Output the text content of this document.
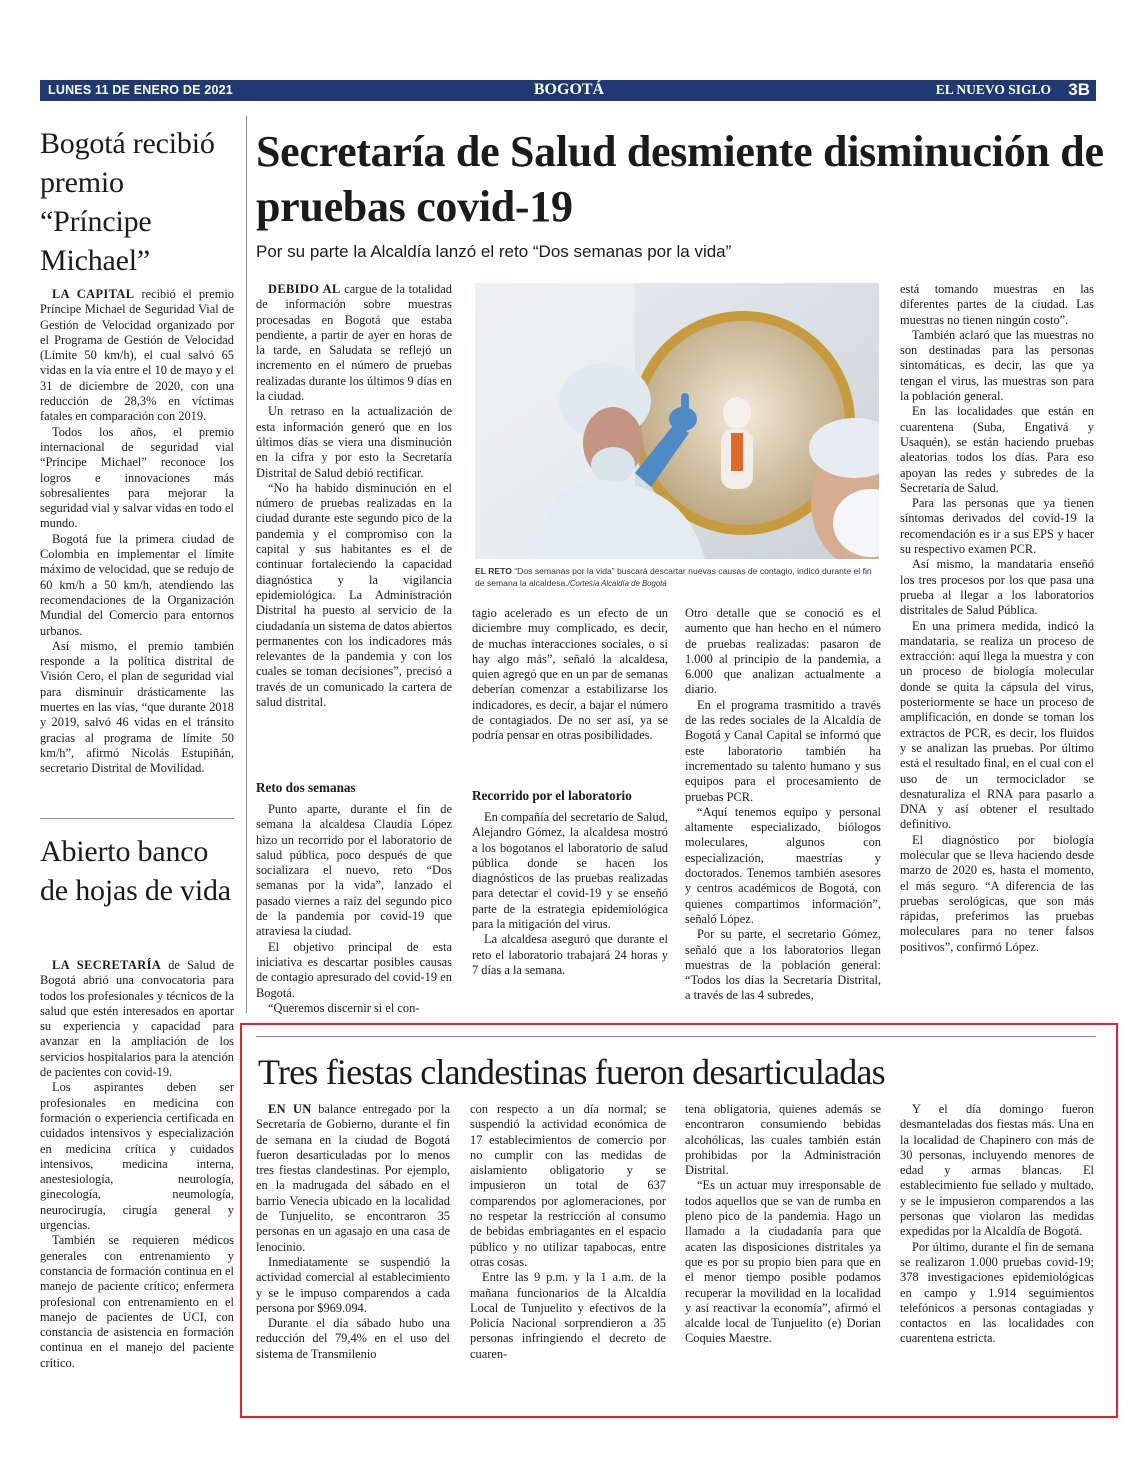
LUNES 11 DE ENERO DE 2021	BOGOTÁ	EL NUEVO SIGLO 3B
Bogotá recibió premio “Príncipe Michael”

LA CAPITAL recibió el premio Príncipe Michael de Seguridad Vial de Gestión de Velocidad organizado por el Programa de Gestión de Velocidad (Límite 50 km/h), el cual salvó 65 vidas en la vía entre el 10 de mayo y el 31 de diciembre de 2020, con una reducción de 28,3% en víctimas fatales en comparación con 2019.

Todos los años, el premio internacional de seguridad vial “Príncipe Michael” reconoce los logros e innovaciones más sobresalientes para mejorar la seguridad vial y salvar vidas en todo el mundo.

Bogotá fue la primera ciudad de Colombia en implementar el límite máximo de velocidad, que se redujo de 60 km/h a 50 km/h, atendiendo las recomendaciones de la Organización Mundial del Comercio para entornos urbanos.

Así mismo, el premio también responde a la política distrital de Visión Cero, el plan de seguridad vial para disminuir drásticamente las muertes en las vías, “que durante 2018 y 2019, salvó 46 vidas en el tránsito gracias al programa de límite 50 km/h”, afirmó Nicolás Estupiñán, secretario Distrital de Movilidad.

Abierto banco de hojas de vida

LA SECRETARÍA de Salud de Bogotá abrió una convocatoria para todos los profesionales y técnicos de la salud que estén interesados en aportar su experiencia y capacidad para avanzar en la ampliación de los servicios hospitalarios para la atención de pacientes con covid-19.

Los aspirantes deben ser profesionales en medicina con formación o experiencia certificada en cuidados intensivos y especialización en medicina crítica y cuidados intensivos, medicina interna, anestesiología, neurología, ginecología, neumología, neurocirugía, cirugía general y urgencias.

También se requieren médicos generales con entrenamiento y constancia de formación continua en el manejo de paciente crítico; enfermera profesional con entrenamiento en el manejo de pacientes de UCI, con constancia de asistencia en formación continua en el manejo del paciente crítico.

Secretaría de Salud desmiente disminución de pruebas covid-19
Por su parte la Alcaldía lanzó el reto “Dos semanas por la vida”

DEBIDO AL cargue de la totalidad de información sobre muestras procesadas en Bogotá que estaba pendiente, a partir de ayer en horas de la tarde, en Saludata se reflejó un incremento en el número de pruebas realizadas durante los últimos 9 días en la ciudad.

Un retraso en la actualización de esta información generó que en los últimos días se viera una disminución en la cifra y por esto la Secretaría Distrital de Salud debió rectificar.

“No ha habido disminución en el número de pruebas realizadas en la ciudad durante este segundo pico de la pandemia y el compromiso con la capital y sus habitantes es el de continuar fortaleciendo la capacidad diagnóstica y la vigilancia epidemiológica. La Administración Distrital ha puesto al servicio de la ciudadanía un sistema de datos abiertos permanentes con los indicadores más relevantes de la pandemia y con los cuales se toman decisiones”, precisó a través de un comunicado la cartera de salud distrital.

Reto dos semanas

Punto aparte, durante el fin de semana la alcaldesa Claudia López hizo un recorrido por el laboratorio de salud pública, poco después de que socializara el nuevo, reto “Dos semanas por la vida”, lanzado el pasado viernes a raíz del segundo pico de la pandemia por covid-19 que atraviesa la ciudad.

El objetivo principal de esta iniciativa es descartar posibles causas de contagio apresurado del covid-19 en Bogotá.

“Queremos discernir si el con-

EL RETO “Dos semanas por la vida” buscará descartar nuevas causas de contagio, indicó durante el fin de semana la alcaldesa./Cortesía Alcaldía de Bogotá

tagio acelerado es un efecto de un diciembre muy complicado, es decir, de muchas interacciones sociales, o si hay algo más”, señaló la alcaldesa, quien agregó que en un par de semanas deberían comenzar a estabilizarse los indicadores, es decir, a bajar el número de contagiados. De no ser así, ya se podría pensar en otras posibilidades.

Recorrido por el laboratorio

En compañía del secretario de Salud, Alejandro Gómez, la alcaldesa mostró a los bogotanos el laboratorio de salud pública donde se hacen los diagnósticos de las pruebas realizadas para detectar el covid-19 y se enseñó parte de la estrategia epidemiológica para la mitigación del virus.

La alcaldesa aseguró que durante el reto el laboratorio trabajará 24 horas y 7 días a la semana.

Otro detalle que se conoció es el aumento que han hecho en el número de pruebas realizadas: pasaron de 1.000 al principio de la pandemia, a 6.000 que analizan actualmente a diario.

En el programa trasmitido a través de las redes sociales de la Alcaldía de Bogotá y Canal Capital se informó que este laboratorio también ha incrementado su talento humano y sus equipos para el procesamiento de pruebas PCR.

“Aquí tenemos equipo y personal altamente especializado, biólogos moleculares, algunos con especialización, maestrías y doctorados. Tenemos también asesores y centros académicos de Bogotá, con quienes compartimos información”, señaló López.

Por su parte, el secretario Gómez, señaló que a los laboratorios llegan muestras de la población general: “Todos los días la Secretaría Distrital, a través de las 4 subredes,

está tomando muestras en las diferentes partes de la ciudad. Las muestras no tienen ningún costo”.

También aclaró que las muestras no son destinadas para las personas sintomáticas, es decir, las que ya tengan el virus, las muestras son para la población general.

En las localidades que están en cuarentena (Suba, Engativá y Usaquén), se están haciendo pruebas aleatorias todos los días. Para eso apoyan las redes y subredes de la Secretaría de Salud.

Para las personas que ya tienen síntomas derivados del covid-19 la recomendación es ir a sus EPS y hacer su respectivo examen PCR.

Así mismo, la mandataria enseñó los tres procesos por los que pasa una prueba al llegar a los laboratorios distritales de Salud Pública.

En una primera medida, indicó la mandataria, se realiza un proceso de extracción: aquí llega la muestra y con un proceso de biología molecular donde se quita la cápsula del virus, posteriormente se hace un proceso de amplificación, en donde se toman los extractos de PCR, es decir, los fluidos y se analizan las pruebas. Por último está el resultado final, en el cual con el uso de un termociclador se desnaturaliza el RNA para pasarlo a DNA y así obtener el resultado definitivo.

El diagnóstico por biología molecular que se lleva haciendo desde marzo de 2020 es, hasta el momento, el más seguro. “A diferencia de las pruebas serológicas, que son más rápidas, preferimos las pruebas moleculares para no tener falsos positivos”, confirmó López.

Tres fiestas clandestinas fueron desarticuladas

EN UN balance entregado por la Secretaría de Gobierno, durante el fin de semana en la ciudad de Bogotá fueron desarticuladas por lo menos tres fiestas clandestinas. Por ejemplo, en la madrugada del sábado en el barrio Venecia ubicado en la localidad de Tunjuelito, se encontraron 35 personas en un agasajo en una casa de lenocinio.

Inmediatamente se suspendió la actividad comercial al establecimiento y se le impuso comparendos a cada persona por $969.094.

Durante el día sábado hubo una reducción del 79,4% en el uso del sistema de Transmilenio

con respecto a un día normal; se suspendió la actividad económica de 17 establecimientos de comercio por no cumplir con las medidas de aislamiento obligatorio y se impusieron un total de 637 comparendos por aglomeraciones, por no respetar la restricción al consumo de bebidas embriagantes en el espacio público y no utilizar tapabocas, entre otras cosas.

Entre las 9 p.m. y la 1 a.m. de la mañana funcionarios de la Alcaldía Local de Tunjuelito y efectivos de la Policía Nacional sorprendieron a 35 personas infringiendo el decreto de cuaren-

tena obligatoria, quienes además se encontraron consumiendo bebidas alcohólicas, las cuales también están prohibidas por la Administración Distrital.

“Es un actuar muy irresponsable de todos aquellos que se van de rumba en pleno pico de la pandemia. Hago un llamado a la ciudadanía para que acaten las disposiciones distritales ya que es por su propio bien para que en el menor tiempo posible podamos recuperar la movilidad en la localidad y así reactivar la economía”, afirmó el alcalde local de Tunjuelito (e) Dorian Coquies Maestre.

Y el día domingo fueron desmanteladas dos fiestas más. Una en la localidad de Chapinero con más de 30 personas, incluyendo menores de edad y armas blancas. El establecimiento fue sellado y multado, y se le impusieron comparendos a las personas que violaron las medidas expedidas por la Alcaldía de Bogotá.

Por último, durante el fin de semana se realizaron 1.000 pruebas covid-19; 378 investigaciones epidemiológicas en campo y 1.914 seguimientos telefónicos a personas contagiadas y contactos en las localidades con cuarentena estricta.
